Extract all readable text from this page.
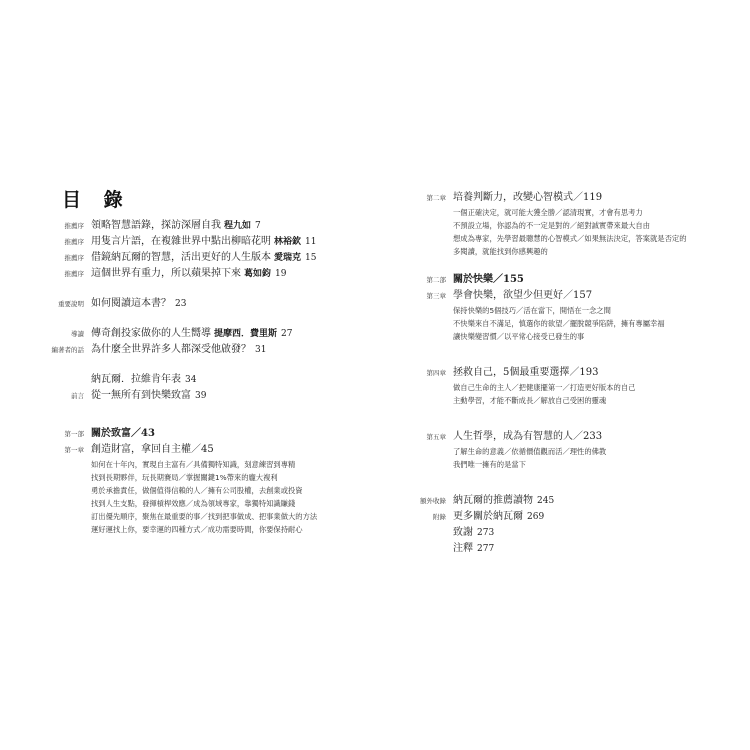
目 錄
推薦序 領略智慧語錄，探訪深層自我 程九如 7
推薦序 用隻言片語，在複雜世界中點出柳暗花明 林裕欽 11
推薦序 借鏡納瓦爾的智慧，活出更好的人生版本 愛瑞克 15
推薦序 這個世界有重力，所以蘋果掉下來 葛如鈞 19
重要說明 如何閱讀這本書？ 23
導讀 傳奇創投家做你的人生嚮導 提摩西．費里斯 27
編著者的話 為什麼全世界許多人都深受他啟發？ 31
納瓦爾．拉維肯年表 34
前言 從一無所有到快樂致富 39
第一部 關於致富／43
第一章 創造財富，拿回自主權／45
如何在十年內，實現自主富有／具備獨特知識，刻意練習到專精
找到長期夥伴，玩長期賽局／掌握關鍵1%帶來的龐大複利
勇於承擔責任，做個值得信賴的人／擁有公司股權，去創業或投資
找到人生支點，發揮槓桿效應／成為領域專家，靠獨特知識賺錢
訂出優先順序，聚焦在最重要的事／找到把事做成、把事業做大的方法
運好運找上你，要幸運的四種方式／成功需要時間，你要保持耐心
第二章 培養判斷力，改變心智模式／119
一個正確決定，就可能大獲全勝／認清現實，才會有思考力
不預設立場，你認為的不一定是對的／絕對誠實帶來最大自由
想成為專家，先學習最聰慧的心智模式／如果無法決定，答案就是否定的
多閱讀，就能找到你感興趣的
第二部 關於快樂／155
第三章 學會快樂，欲望少但更好／157
保持快樂的5個技巧／活在當下，開悟在一念之間
不快樂來自不滿足，慎選你的欲望／擺脫競爭陷阱，擁有專屬幸福
讓快樂變習慣／以平常心接受已發生的事
第四章 拯救自己，5個最重要選擇／193
做自己生命的主人／把健康擺第一／打造更好版本的自己
主動學習，才能不斷成長／解放自己受困的靈魂
第五章 人生哲學，成為有智慧的人／233
了解生命的意義／依循價值觀而活／理性的佛教
我們唯一擁有的是當下
額外收錄 納瓦爾的推薦讀物 245
附錄 更多關於納瓦爾 269
致謝 273
注釋 277
